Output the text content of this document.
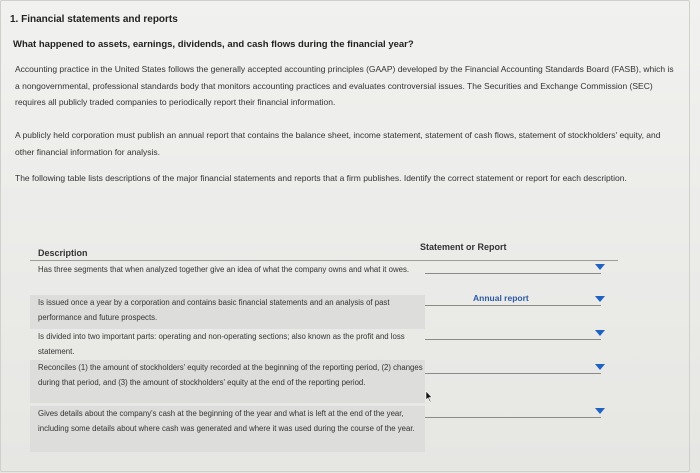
1. Financial statements and reports
What happened to assets, earnings, dividends, and cash flows during the financial year?
Accounting practice in the United States follows the generally accepted accounting principles (GAAP) developed by the Financial Accounting Standards Board (FASB), which is a nongovernmental, professional standards body that monitors accounting practices and evaluates controversial issues. The Securities and Exchange Commission (SEC) requires all publicly traded companies to periodically report their financial information.
A publicly held corporation must publish an annual report that contains the balance sheet, income statement, statement of cash flows, statement of stockholders' equity, and other financial information for analysis.
The following table lists descriptions of the major financial statements and reports that a firm publishes. Identify the correct statement or report for each description.
Description
Statement or Report
Has three segments that when analyzed together give an idea of what the company owns and what it owes.
Is issued once a year by a corporation and contains basic financial statements and an analysis of past performance and future prospects.
Is divided into two important parts: operating and non-operating sections; also known as the profit and loss statement.
Reconciles (1) the amount of stockholders' equity recorded at the beginning of the reporting period, (2) changes during that period, and (3) the amount of stockholders' equity at the end of the reporting period.
Gives details about the company's cash at the beginning of the year and what is left at the end of the year, including some details about where cash was generated and where it was used during the course of the year.
Annual report
